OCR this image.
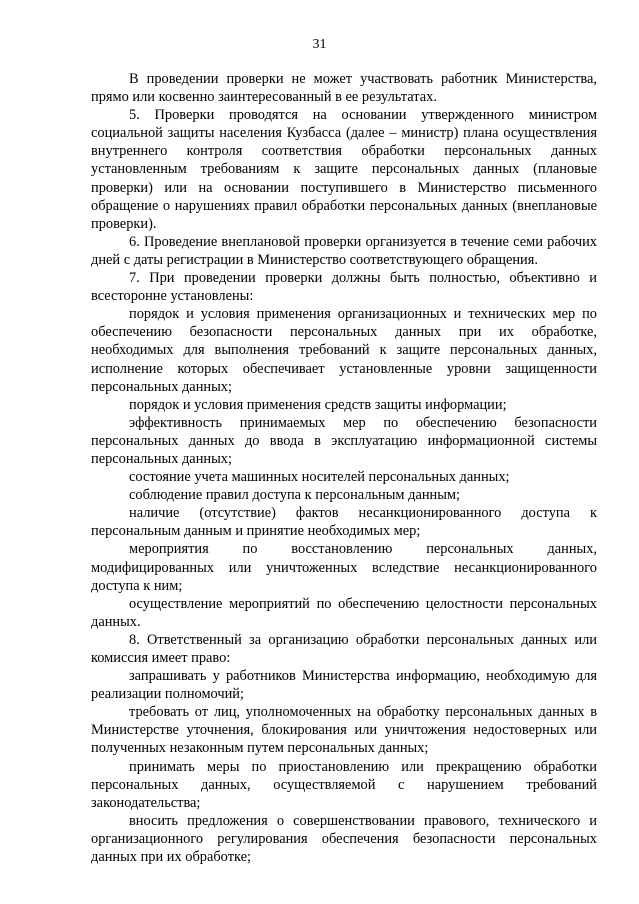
31

В проведении проверки не может участвовать работник Министерства, прямо или косвенно заинтересованный в ее результатах.

5. Проверки проводятся на основании утвержденного министром социальной защиты населения Кузбасса (далее – министр) плана осуществления внутреннего контроля соответствия обработки персональных данных установленным требованиям к защите персональных данных (плановые проверки) или на основании поступившего в Министерство письменного обращение о нарушениях правил обработки персональных данных (внеплановые проверки).

6. Проведение внеплановой проверки организуется в течение семи рабочих дней с даты регистрации в Министерство соответствующего обращения.

7. При проведении проверки должны быть полностью, объективно и всесторонне установлены:

порядок и условия применения организационных и технических мер по обеспечению безопасности персональных данных при их обработке, необходимых для выполнения требований к защите персональных данных, исполнение которых обеспечивает установленные уровни защищенности персональных данных;

порядок и условия применения средств защиты информации;

эффективность принимаемых мер по обеспечению безопасности персональных данных до ввода в эксплуатацию информационной системы персональных данных;

состояние учета машинных носителей персональных данных;

соблюдение правил доступа к персональным данным;

наличие (отсутствие) фактов несанкционированного доступа к персональным данным и принятие необходимых мер;

мероприятия по восстановлению персональных данных, модифицированных или уничтоженных вследствие несанкционированного доступа к ним;

осуществление мероприятий по обеспечению целостности персональных данных.

8. Ответственный за организацию обработки персональных данных или комиссия имеет право:

запрашивать у работников Министерства информацию, необходимую для реализации полномочий;

требовать от лиц, уполномоченных на обработку персональных данных в Министерстве уточнения, блокирования или уничтожения недостоверных или полученных незаконным путем персональных данных;

принимать меры по приостановлению или прекращению обработки персональных данных, осуществляемой с нарушением требований законодательства;

вносить предложения о совершенствовании правового, технического и организационного регулирования обеспечения безопасности персональных данных при их обработке;
